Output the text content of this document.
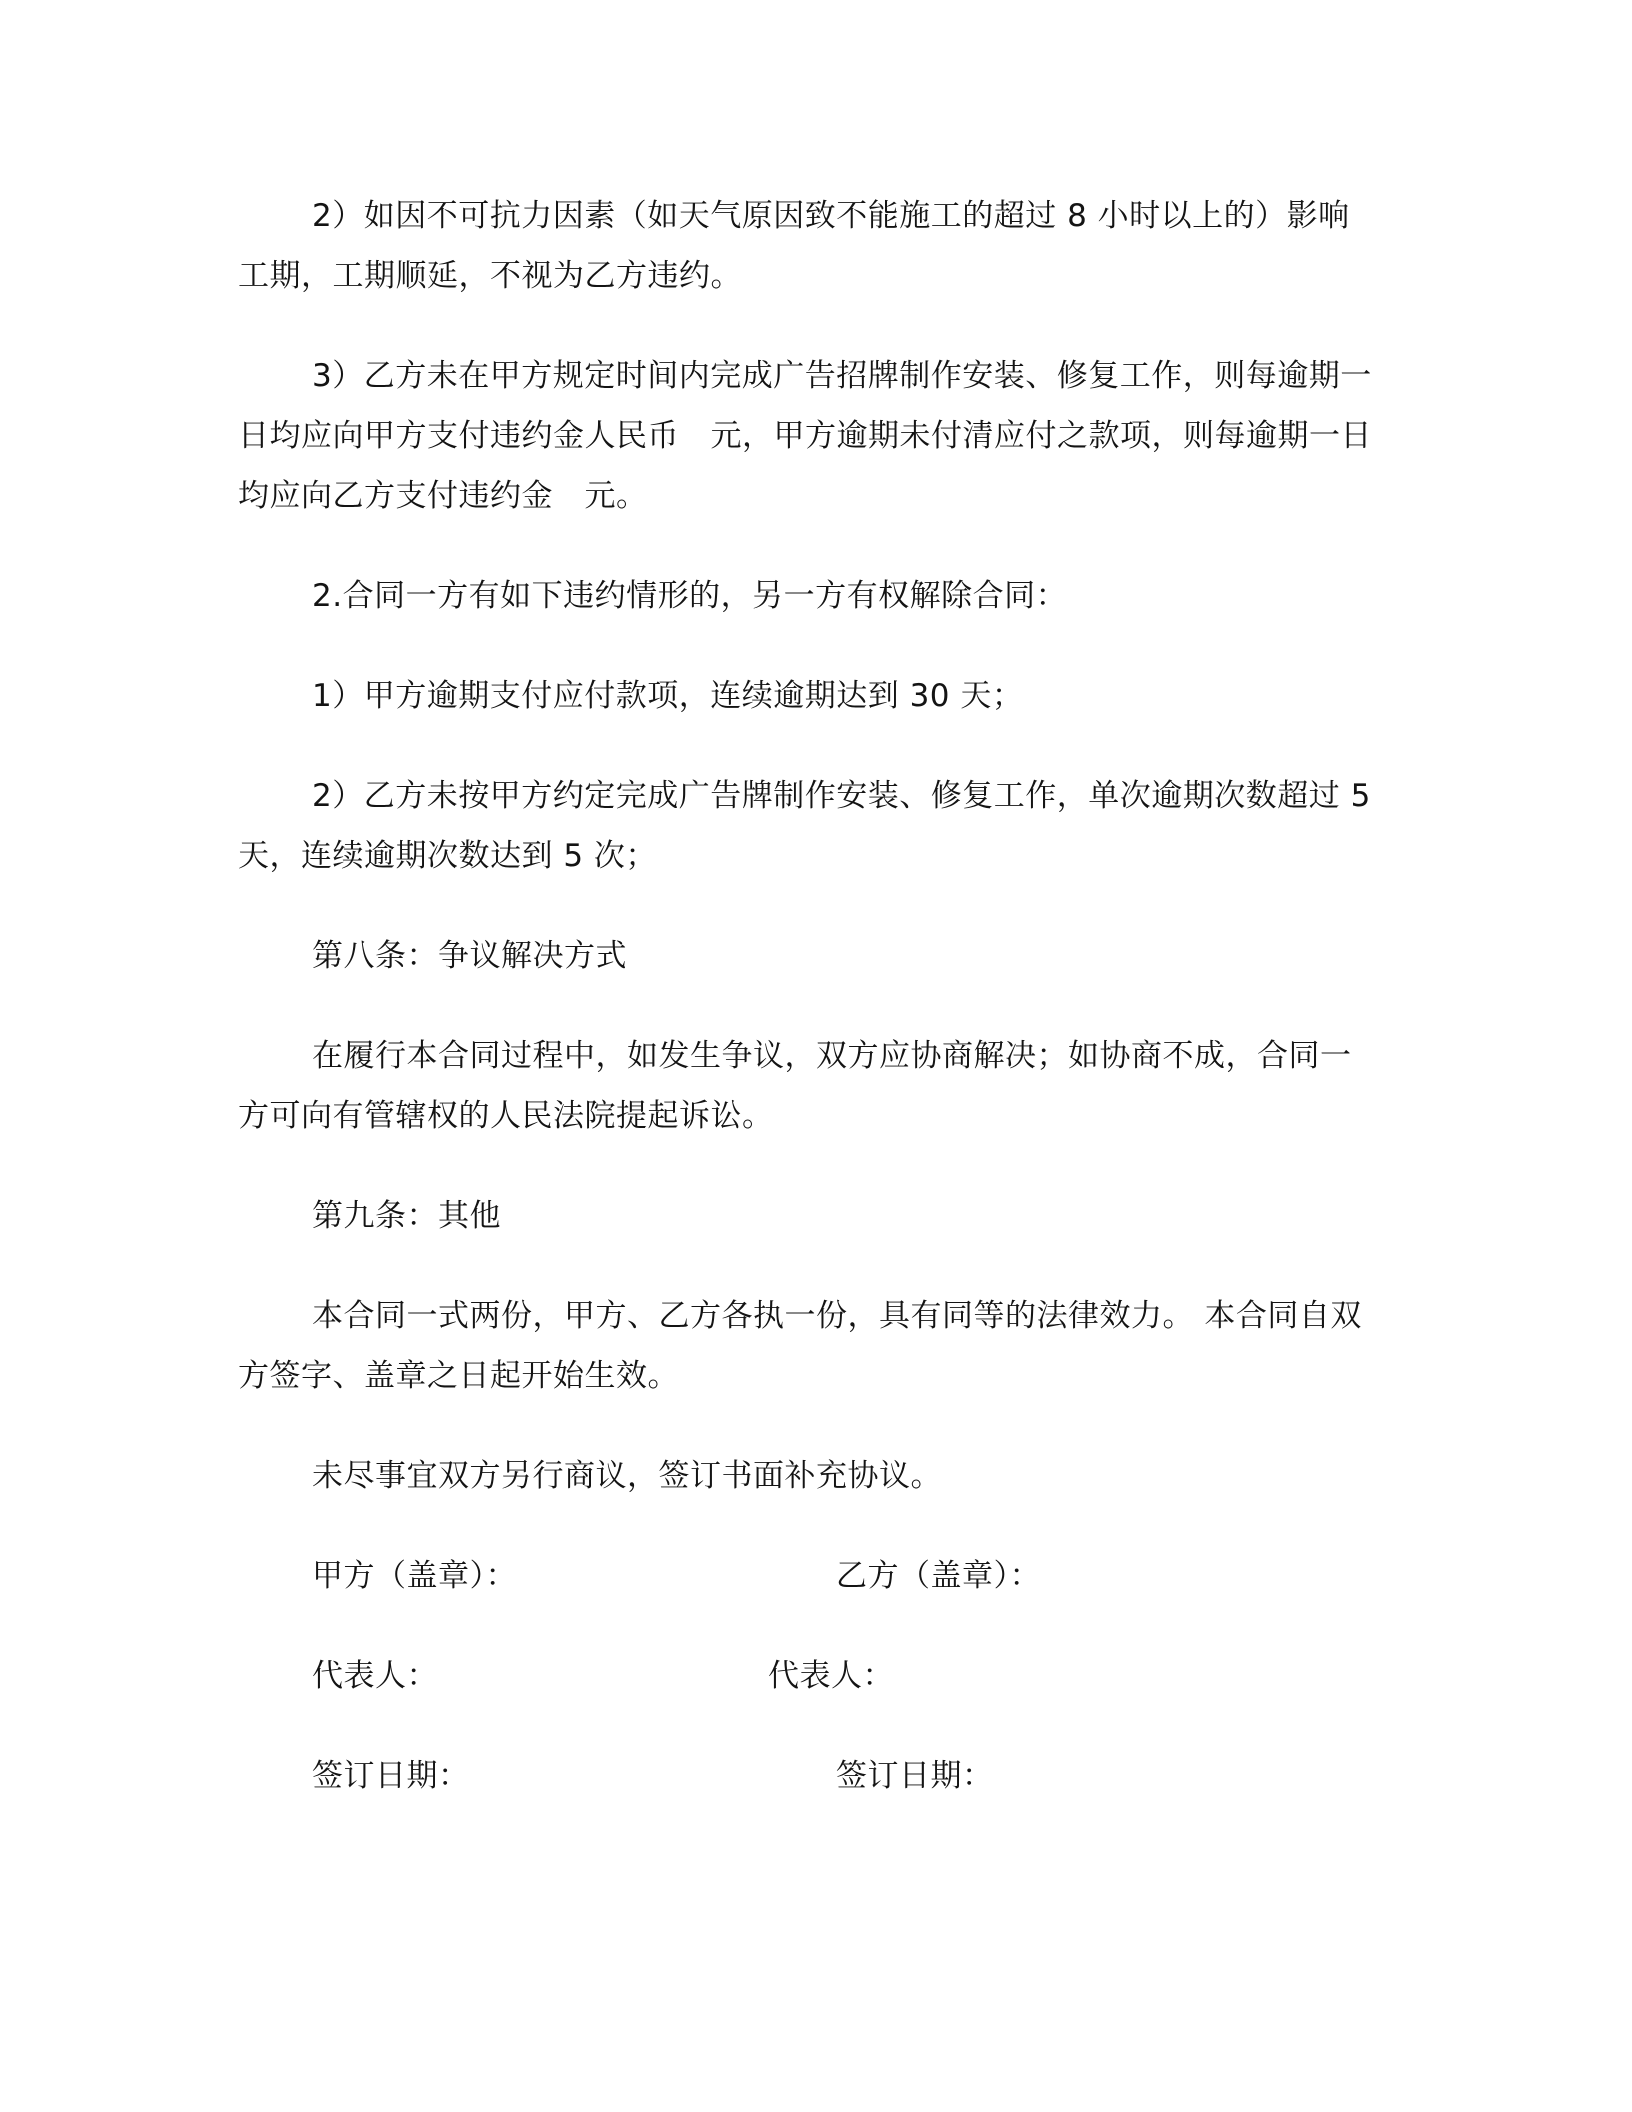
2）如因不可抗力因素（如天气原因致不能施工的超过 8 小时以上的）影响
工期，工期顺延，不视为乙方违约。
3）乙方未在甲方规定时间内完成广告招牌制作安装、修复工作，则每逾期一
日均应向甲方支付违约金人民币　元，甲方逾期未付清应付之款项，则每逾期一日
均应向乙方支付违约金　元。
2.合同一方有如下违约情形的，另一方有权解除合同：
1）甲方逾期支付应付款项，连续逾期达到 30 天；
2）乙方未按甲方约定完成广告牌制作安装、修复工作，单次逾期次数超过 5
天，连续逾期次数达到 5 次；
第八条：争议解决方式
在履行本合同过程中，如发生争议，双方应协商解决；如协商不成，合同一
方可向有管辖权的人民法院提起诉讼。
第九条：其他
本合同一式两份，甲方、乙方各执一份，具有同等的法律效力。 本合同自双
方签字、盖章之日起开始生效。
未尽事宜双方另行商议，签订书面补充协议。
甲方（盖章）：	乙方（盖章）：
代表人：	代表人：
签订日期：	签订日期：
